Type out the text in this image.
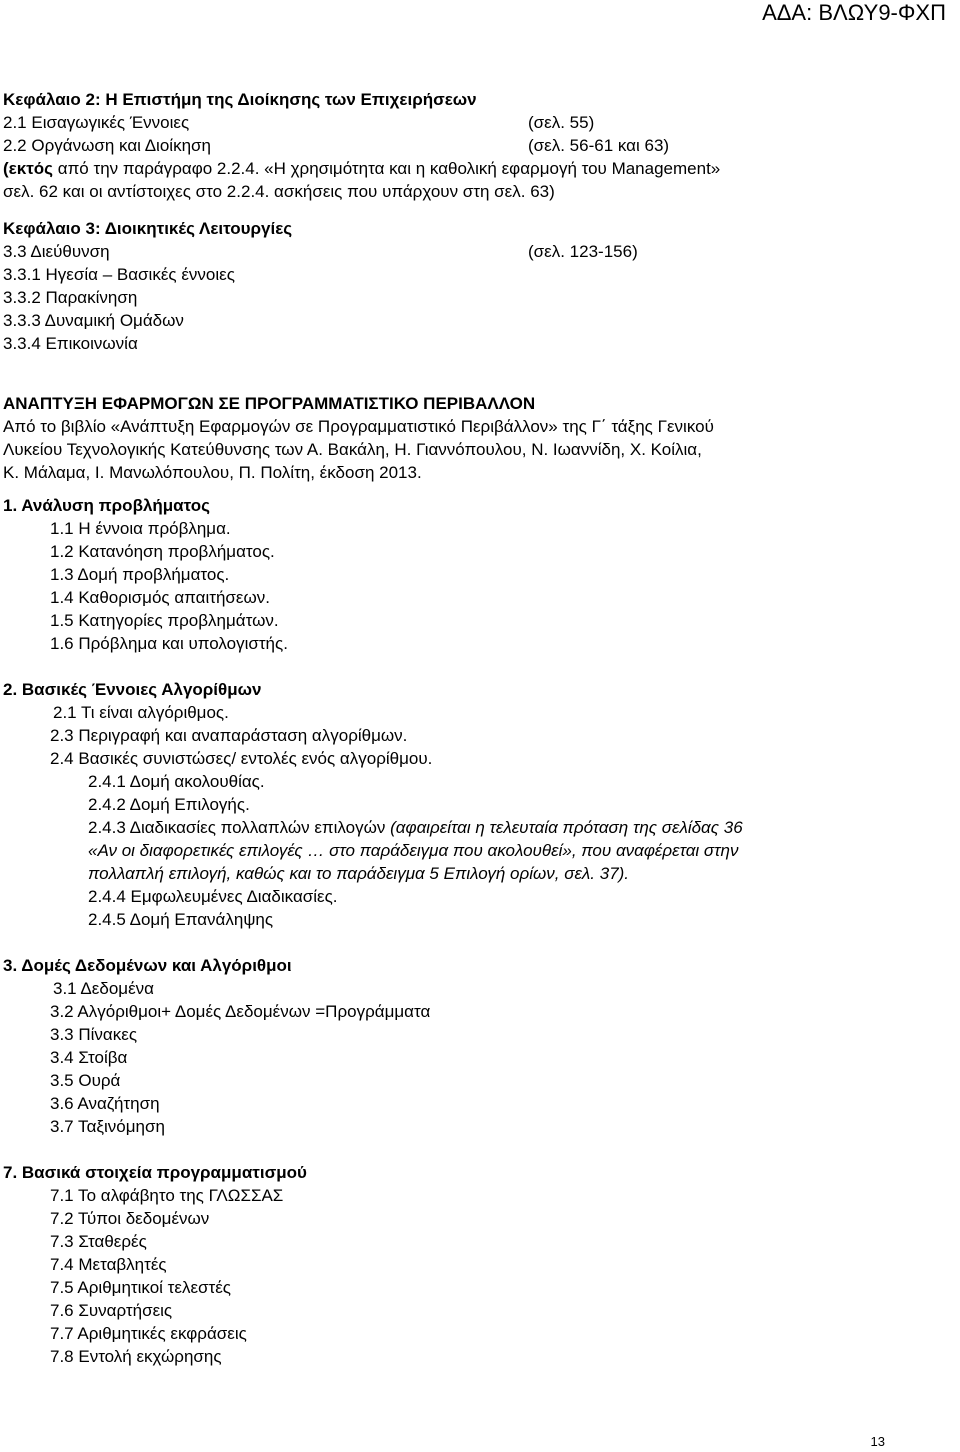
ΑΔΑ: ΒΛΩΥ9-ΦΧΠ
Κεφάλαιο 2: Η Επιστήμη της Διοίκησης των Επιχειρήσεων
2.1 Εισαγωγικές Έννοιες	(σελ. 55)
2.2 Οργάνωση και Διοίκηση	(σελ. 56-61 και 63)
(εκτός από την παράγραφο 2.2.4. «Η χρησιμότητα και η καθολική εφαρμογή του Management»
σελ. 62 και οι αντίστοιχες στο 2.2.4. ασκήσεις που υπάρχουν στη σελ. 63)
Κεφάλαιο 3: Διοικητικές Λειτουργίες
3.3 Διεύθυνση	(σελ. 123-156)
3.3.1 Ηγεσία – Βασικές έννοιες
3.3.2 Παρακίνηση
3.3.3 Δυναμική Ομάδων
3.3.4 Επικοινωνία
ΑΝΑΠΤΥΞΗ ΕΦΑΡΜΟΓΩΝ ΣΕ ΠΡΟΓΡΑΜΜΑΤΙΣΤΙΚΟ ΠΕΡΙΒΑΛΛΟΝ
Από το βιβλίο «Ανάπτυξη Εφαρμογών σε Προγραμματιστικό Περιβάλλον» της Γ΄ τάξης Γενικού
Λυκείου Τεχνολογικής Κατεύθυνσης των Α. Βακάλη, Η. Γιαννόπουλου, Ν. Ιωαννίδη, Χ. Κοίλια,
Κ. Μάλαμα, Ι. Μανωλόπουλου, Π. Πολίτη, έκδοση 2013.
1. Ανάλυση προβλήματος
1.1 Η έννοια πρόβλημα.
1.2 Κατανόηση προβλήματος.
1.3 Δομή προβλήματος.
1.4 Καθορισμός απαιτήσεων.
1.5 Κατηγορίες προβλημάτων.
1.6 Πρόβλημα και υπολογιστής.
2. Βασικές Έννοιες Αλγορίθμων
2.1 Τι είναι αλγόριθμος.
2.3 Περιγραφή και αναπαράσταση αλγορίθμων.
2.4 Βασικές συνιστώσες/ εντολές ενός αλγορίθμου.
2.4.1 Δομή ακολουθίας.
2.4.2 Δομή Επιλογής.
2.4.3 Διαδικασίες πολλαπλών επιλογών (αφαιρείται η τελευταία πρόταση της σελίδας 36
«Αν οι διαφορετικές επιλογές … στο παράδειγμα που ακολουθεί», που αναφέρεται στην
πολλαπλή επιλογή, καθώς και το παράδειγμα 5 Επιλογή ορίων, σελ. 37).
2.4.4 Εμφωλευμένες Διαδικασίες.
2.4.5 Δομή Επανάληψης
3. Δομές Δεδομένων και Αλγόριθμοι
3.1 Δεδομένα
3.2 Αλγόριθμοι+ Δομές Δεδομένων =Προγράμματα
3.3 Πίνακες
3.4 Στοίβα
3.5 Ουρά
3.6 Αναζήτηση
3.7 Ταξινόμηση
7. Βασικά στοιχεία προγραμματισμού
7.1 Το αλφάβητο της ΓΛΩΣΣΑΣ
7.2 Τύποι δεδομένων
7.3 Σταθερές
7.4 Μεταβλητές
7.5 Αριθμητικοί τελεστές
7.6 Συναρτήσεις
7.7 Αριθμητικές εκφράσεις
7.8 Εντολή εκχώρησης
13
